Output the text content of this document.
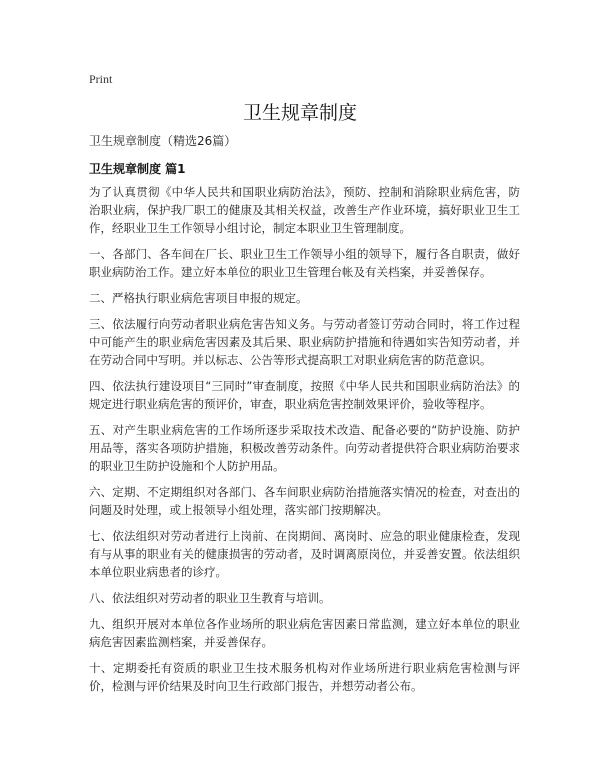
Print
卫生规章制度
卫生规章制度（精选26篇）
卫生规章制度 篇1

为了认真贯彻《中华人民共和国职业病防治法》，预防、控制和消除职业病危害，防治职业病，保护我厂职工的健康及其相关权益，改善生产作业环境，搞好职业卫生工作，经职业卫生工作领导小组讨论，制定本职业卫生管理制度。

一、各部门、各车间在厂长、职业卫生工作领导小组的领导下，履行各自职责，做好职业病防治工作。建立好本单位的职业卫生管理台帐及有关档案，并妥善保存。

二、严格执行职业病危害项目申报的规定。

三、依法履行向劳动者职业病危害告知义务。与劳动者签订劳动合同时，将工作过程中可能产生的职业病危害因素及其后果、职业病防护措施和待遇如实告知劳动者，并在劳动合同中写明。并以标志、公告等形式提高职工对职业病危害的防范意识。

四、依法执行建设项目“三同时”审查制度，按照《中华人民共和国职业病防治法》的规定进行职业病危害的预评价，审查，职业病危害控制效果评价，验收等程序。

五、对产生职业病危害的工作场所逐步采取技术改造、配备必要的“防护设施、防护用品等，落实各项防护措施，积极改善劳动条件。向劳动者提供符合职业病防治要求的职业卫生防护设施和个人防护用品。

六、定期、不定期组织对各部门、各车间职业病防治措施落实情况的检查，对查出的问题及时处理，或上报领导小组处理，落实部门按期解决。

七、依法组织对劳动者进行上岗前、在岗期间、离岗时、应急的职业健康检查，发现有与从事的职业有关的健康损害的劳动者，及时调离原岗位，并妥善安置。依法组织本单位职业病患者的诊疗。

八、依法组织对劳动者的职业卫生教育与培训。

九、组织开展对本单位各作业场所的职业病危害因素日常监测，建立好本单位的职业病危害因素监测档案，并妥善保存。

十、定期委托有资质的职业卫生技术服务机构对作业场所进行职业病危害检测与评价，检测与评价结果及时向卫生行政部门报告，并想劳动者公布。
